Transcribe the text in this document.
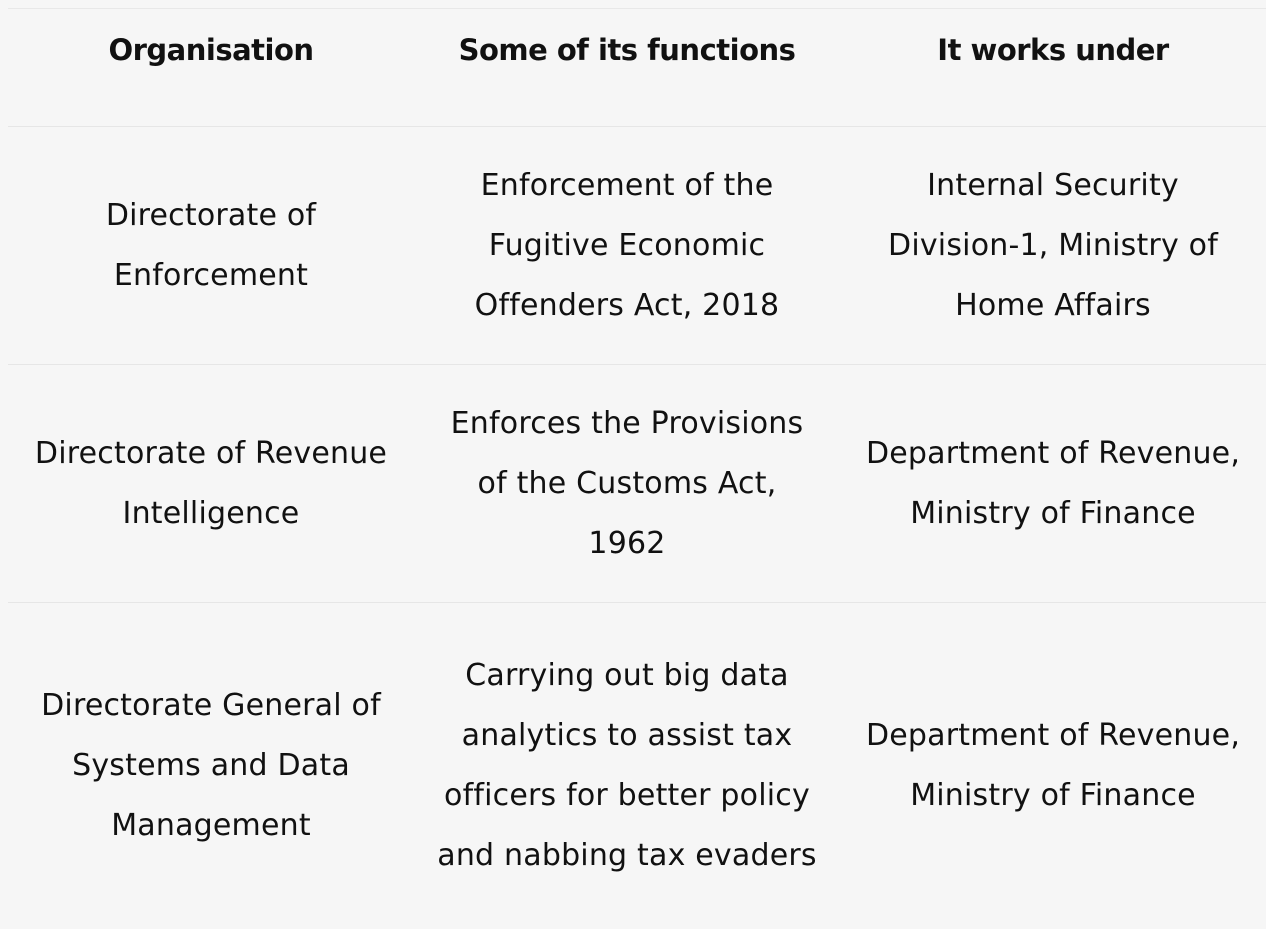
Organisation	Some of its functions	It works under
Directorate of Enforcement
Enforcement of the Fugitive Economic Offenders Act, 2018
Internal Security Division-1, Ministry of Home Affairs
Directorate of Revenue Intelligence
Enforces the Provisions of the Customs Act, 1962
Department of Revenue, Ministry of Finance
Directorate General of Systems and Data Management
Carrying out big data analytics to assist tax officers for better policy and nabbing tax evaders
Department of Revenue, Ministry of Finance
